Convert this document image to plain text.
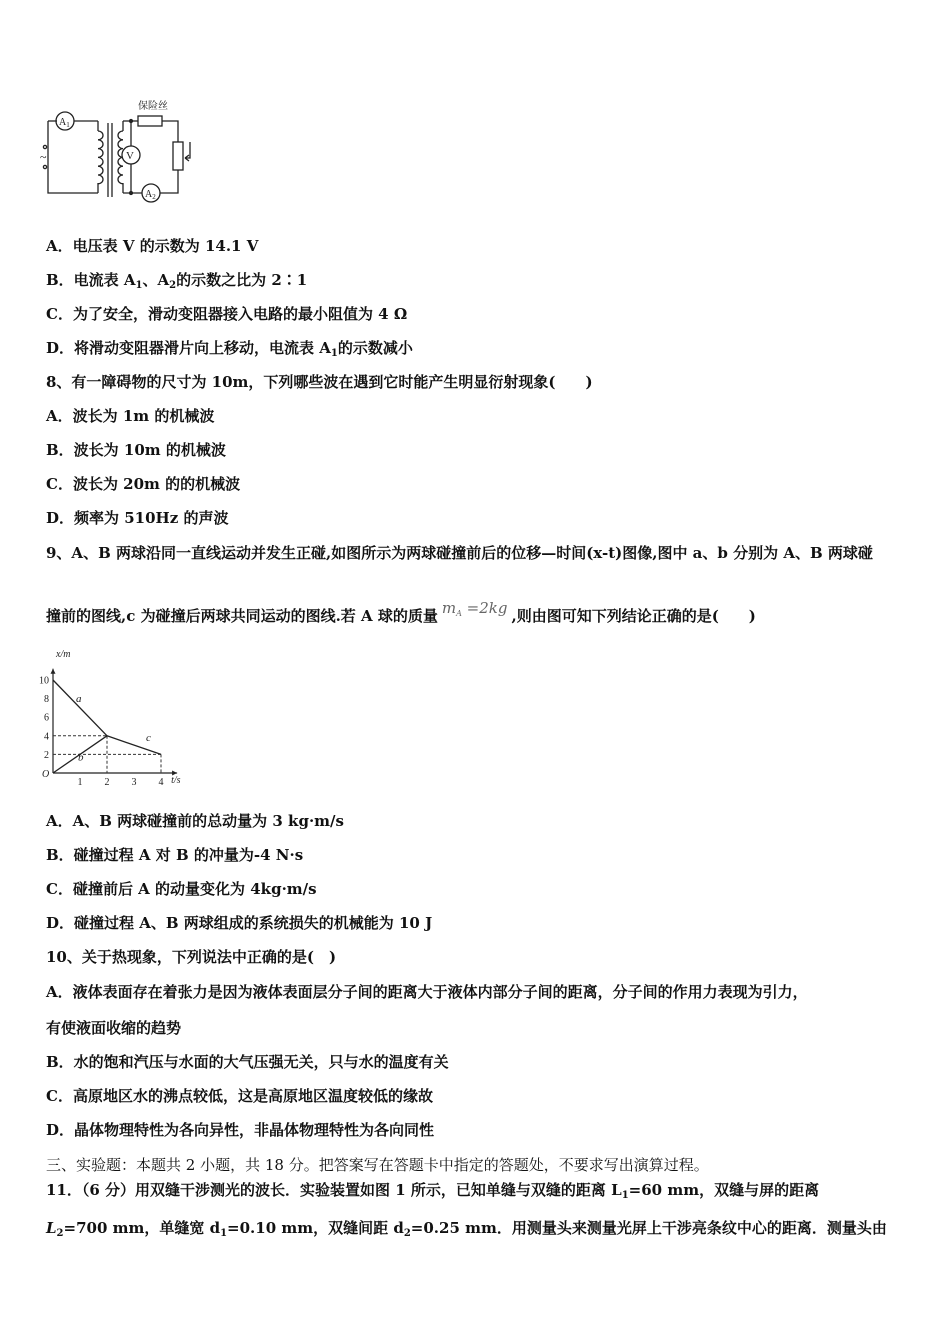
保险丝
$A_1$
V
$A_2$
~
A．电压表 V 的示数为 14.1 V
B．电流表 $A_1$、$A_2$的示数之比为 2∶1
C．为了安全，滑动变阻器接入电路的最小阻值为 4 Ω
D．将滑动变阻器滑片向上移动，电流表 $A_1$的示数减小
8、有一障碍物的尺寸为 10m，下列哪些波在遇到它时能产生明显衍射现象(　　)
A．波长为 1m 的机械波
B．波长为 10m 的机械波
C．波长为 20m 的的机械波
D．频率为 510Hz 的声波
9、A、B 两球沿同一直线运动并发生正碰,如图所示为两球碰撞前后的位移—时间(x-t)图像,图中 a、b 分别为 A、B 两球碰
撞前的图线,c 为碰撞后两球共同运动的图线.若 A 球的质量 $m_A =2kg$ ,则由图可知下列结论正确的是(　　)
x/m
t/s
O
2
4
6
8
10
1 2 3 4
a
b
c
A．A、B 两球碰撞前的总动量为 3 kg·m/s
B．碰撞过程 A 对 B 的冲量为-4 N·s
C．碰撞前后 A 的动量变化为 4kg·m/s
D．碰撞过程 A、B 两球组成的系统损失的机械能为 10 J
10、关于热现象，下列说法中正确的是(　)
A．液体表面存在着张力是因为液体表面层分子间的距离大于液体内部分子间的距离，分子间的作用力表现为引力，
有使液面收缩的趋势
B．水的饱和汽压与水面的大气压强无关，只与水的温度有关
C．高原地区水的沸点较低，这是高原地区温度较低的缘故
D．晶体物理特性为各向异性，非晶体物理特性为各向同性
三、实验题：本题共 2 小题，共 18 分。把答案写在答题卡中指定的答题处，不要求写出演算过程。
11．（6 分）用双缝干涉测光的波长．实验装置如图 1 所示，已知单缝与双缝的距离 $L_1=60$ mm，双缝与屏的距离
$L_2=700$ mm，单缝宽 $d_1=0.10$ mm，双缝间距 $d_2=0.25$ mm．用测量头来测量光屏上干涉亮条纹中心的距离．测量头由
